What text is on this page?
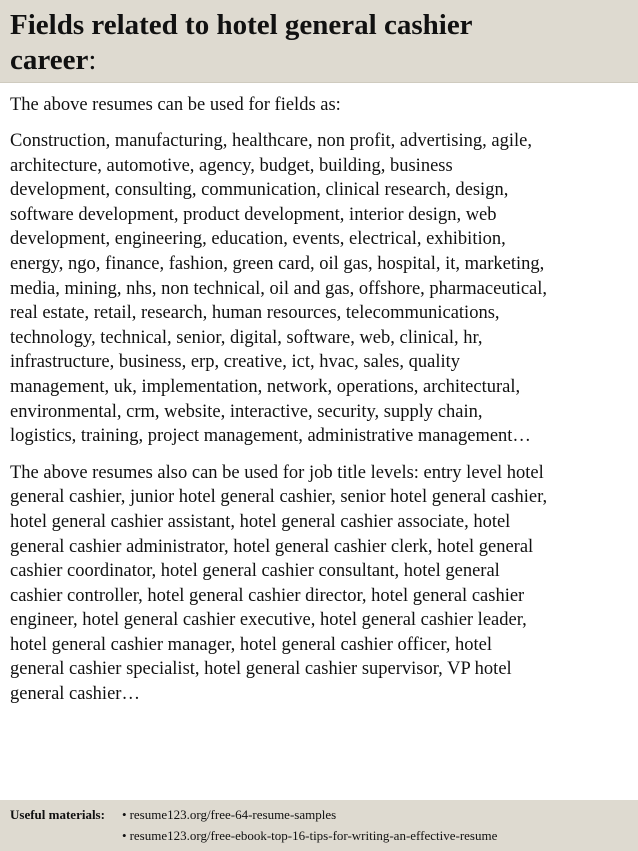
Fields related to hotel general cashier
career:

The above resumes can be used for fields as:

Construction, manufacturing, healthcare, non profit, advertising, agile,
architecture, automotive, agency, budget, building, business
development, consulting, communication, clinical research, design,
software development, product development, interior design, web
development, engineering, education, events, electrical, exhibition,
energy, ngo, finance, fashion, green card, oil gas, hospital, it, marketing,
media, mining, nhs, non technical, oil and gas, offshore, pharmaceutical,
real estate, retail, research, human resources, telecommunications,
technology, technical, senior, digital, software, web, clinical, hr,
infrastructure, business, erp, creative, ict, hvac, sales, quality
management, uk, implementation, network, operations, architectural,
environmental, crm, website, interactive, security, supply chain,
logistics, training, project management, administrative management…

The above resumes also can be used for job title levels: entry level hotel
general cashier, junior hotel general cashier, senior hotel general cashier,
hotel general cashier assistant, hotel general cashier associate, hotel
general cashier administrator, hotel general cashier clerk, hotel general
cashier coordinator, hotel general cashier consultant, hotel general
cashier controller, hotel general cashier director, hotel general cashier
engineer, hotel general cashier executive, hotel general cashier leader,
hotel general cashier manager, hotel general cashier officer, hotel
general cashier specialist, hotel general cashier supervisor, VP hotel
general cashier…

Useful materials:	• resume123.org/free-64-resume-samples
• resume123.org/free-ebook-top-16-tips-for-writing-an-effective-resume
